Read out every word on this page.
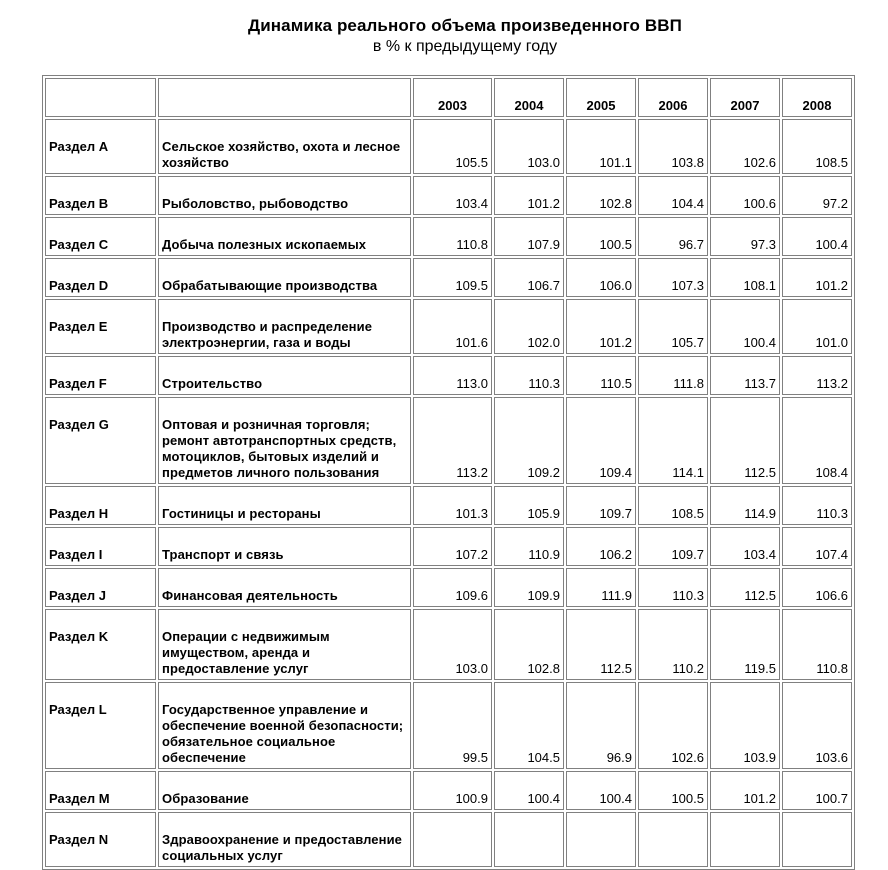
Динамика реального объема произведенного ВВП
в % к предыдущему году
		2003	2004	2005	2006	2007	2008
Раздел A	Сельское хозяйство, охота и лесное хозяйство	105.5	103.0	101.1	103.8	102.6	108.5
Раздел B	Рыболовство, рыбоводство	103.4	101.2	102.8	104.4	100.6	97.2
Раздел C	Добыча полезных ископаемых	110.8	107.9	100.5	96.7	97.3	100.4
Раздел D	Обрабатывающие производства	109.5	106.7	106.0	107.3	108.1	101.2
Раздел E	Производство и распределение электроэнергии, газа и воды	101.6	102.0	101.2	105.7	100.4	101.0
Раздел F	Строительство	113.0	110.3	110.5	111.8	113.7	113.2
Раздел G	Оптовая и розничная торговля; ремонт автотранспортных средств, мотоциклов, бытовых изделий и предметов личного пользования	113.2	109.2	109.4	114.1	112.5	108.4
Раздел H	Гостиницы и рестораны	101.3	105.9	109.7	108.5	114.9	110.3
Раздел I	Транспорт и связь	107.2	110.9	106.2	109.7	103.4	107.4
Раздел J	Финансовая деятельность	109.6	109.9	111.9	110.3	112.5	106.6
Раздел K	Операции с недвижимым имуществом, аренда и предоставление услуг	103.0	102.8	112.5	110.2	119.5	110.8
Раздел L	Государственное управление и обеспечение военной безопасности; обязательное социальное обеспечение	99.5	104.5	96.9	102.6	103.9	103.6
Раздел M	Образование	100.9	100.4	100.4	100.5	101.2	100.7
Раздел N	Здравоохранение и предоставление социальных услуг						
